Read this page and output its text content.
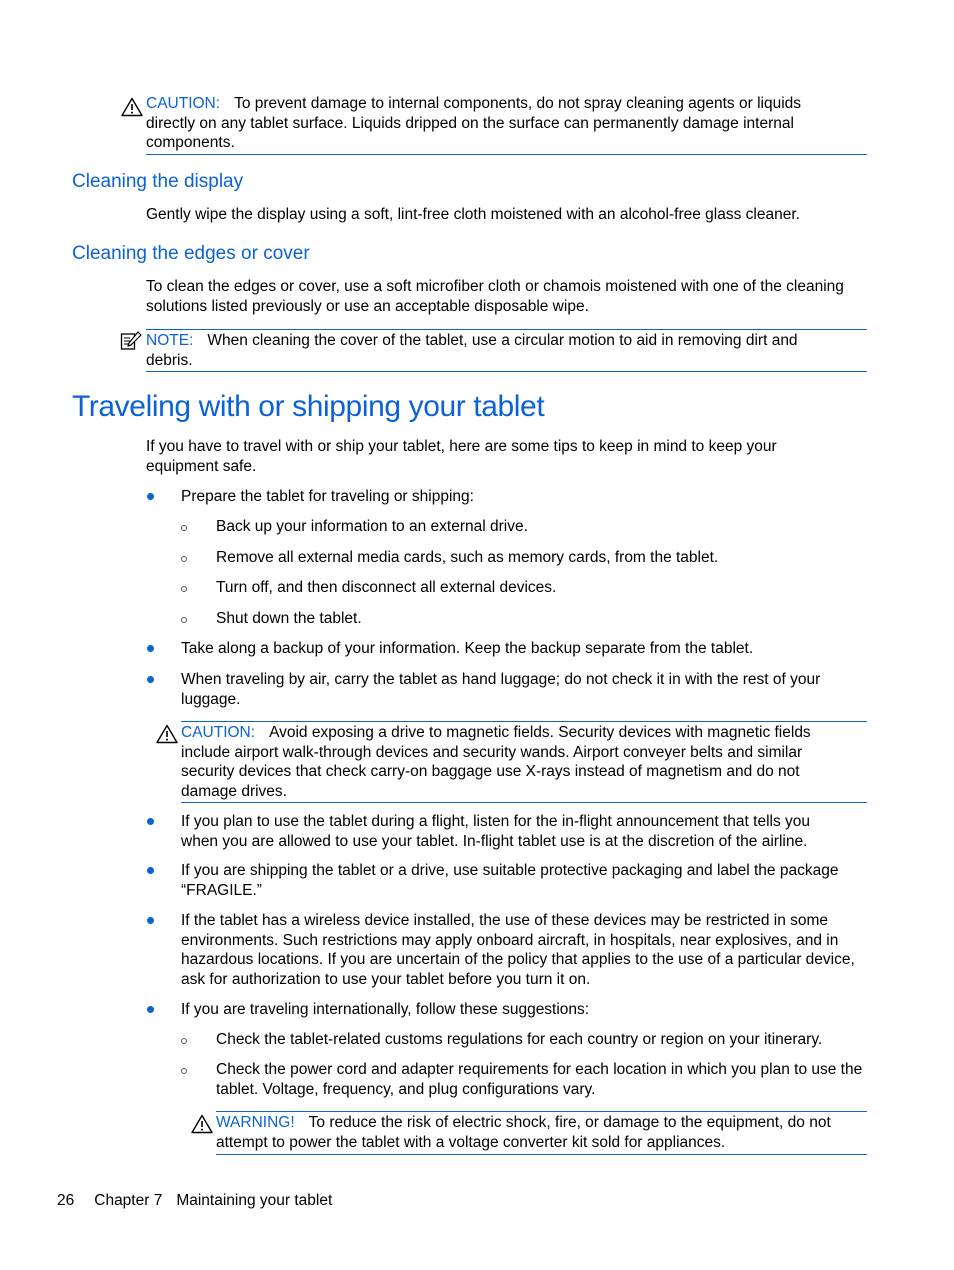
CAUTION: To prevent damage to internal components, do not spray cleaning agents or liquids directly on any tablet surface. Liquids dripped on the surface can permanently damage internal components.
Cleaning the display
Gently wipe the display using a soft, lint-free cloth moistened with an alcohol-free glass cleaner.
Cleaning the edges or cover
To clean the edges or cover, use a soft microfiber cloth or chamois moistened with one of the cleaning solutions listed previously or use an acceptable disposable wipe.
NOTE: When cleaning the cover of the tablet, use a circular motion to aid in removing dirt and debris.
Traveling with or shipping your tablet
If you have to travel with or ship your tablet, here are some tips to keep in mind to keep your equipment safe.
Prepare the tablet for traveling or shipping:
Back up your information to an external drive.
Remove all external media cards, such as memory cards, from the tablet.
Turn off, and then disconnect all external devices.
Shut down the tablet.
Take along a backup of your information. Keep the backup separate from the tablet.
When traveling by air, carry the tablet as hand luggage; do not check it in with the rest of your luggage.
CAUTION: Avoid exposing a drive to magnetic fields. Security devices with magnetic fields include airport walk-through devices and security wands. Airport conveyer belts and similar security devices that check carry-on baggage use X-rays instead of magnetism and do not damage drives.
If you plan to use the tablet during a flight, listen for the in-flight announcement that tells you when you are allowed to use your tablet. In-flight tablet use is at the discretion of the airline.
If you are shipping the tablet or a drive, use suitable protective packaging and label the package “FRAGILE.”
If the tablet has a wireless device installed, the use of these devices may be restricted in some environments. Such restrictions may apply onboard aircraft, in hospitals, near explosives, and in hazardous locations. If you are uncertain of the policy that applies to the use of a particular device, ask for authorization to use your tablet before you turn it on.
If you are traveling internationally, follow these suggestions:
Check the tablet-related customs regulations for each country or region on your itinerary.
Check the power cord and adapter requirements for each location in which you plan to use the tablet. Voltage, frequency, and plug configurations vary.
WARNING! To reduce the risk of electric shock, fire, or damage to the equipment, do not attempt to power the tablet with a voltage converter kit sold for appliances.
26 Chapter 7 Maintaining your tablet
